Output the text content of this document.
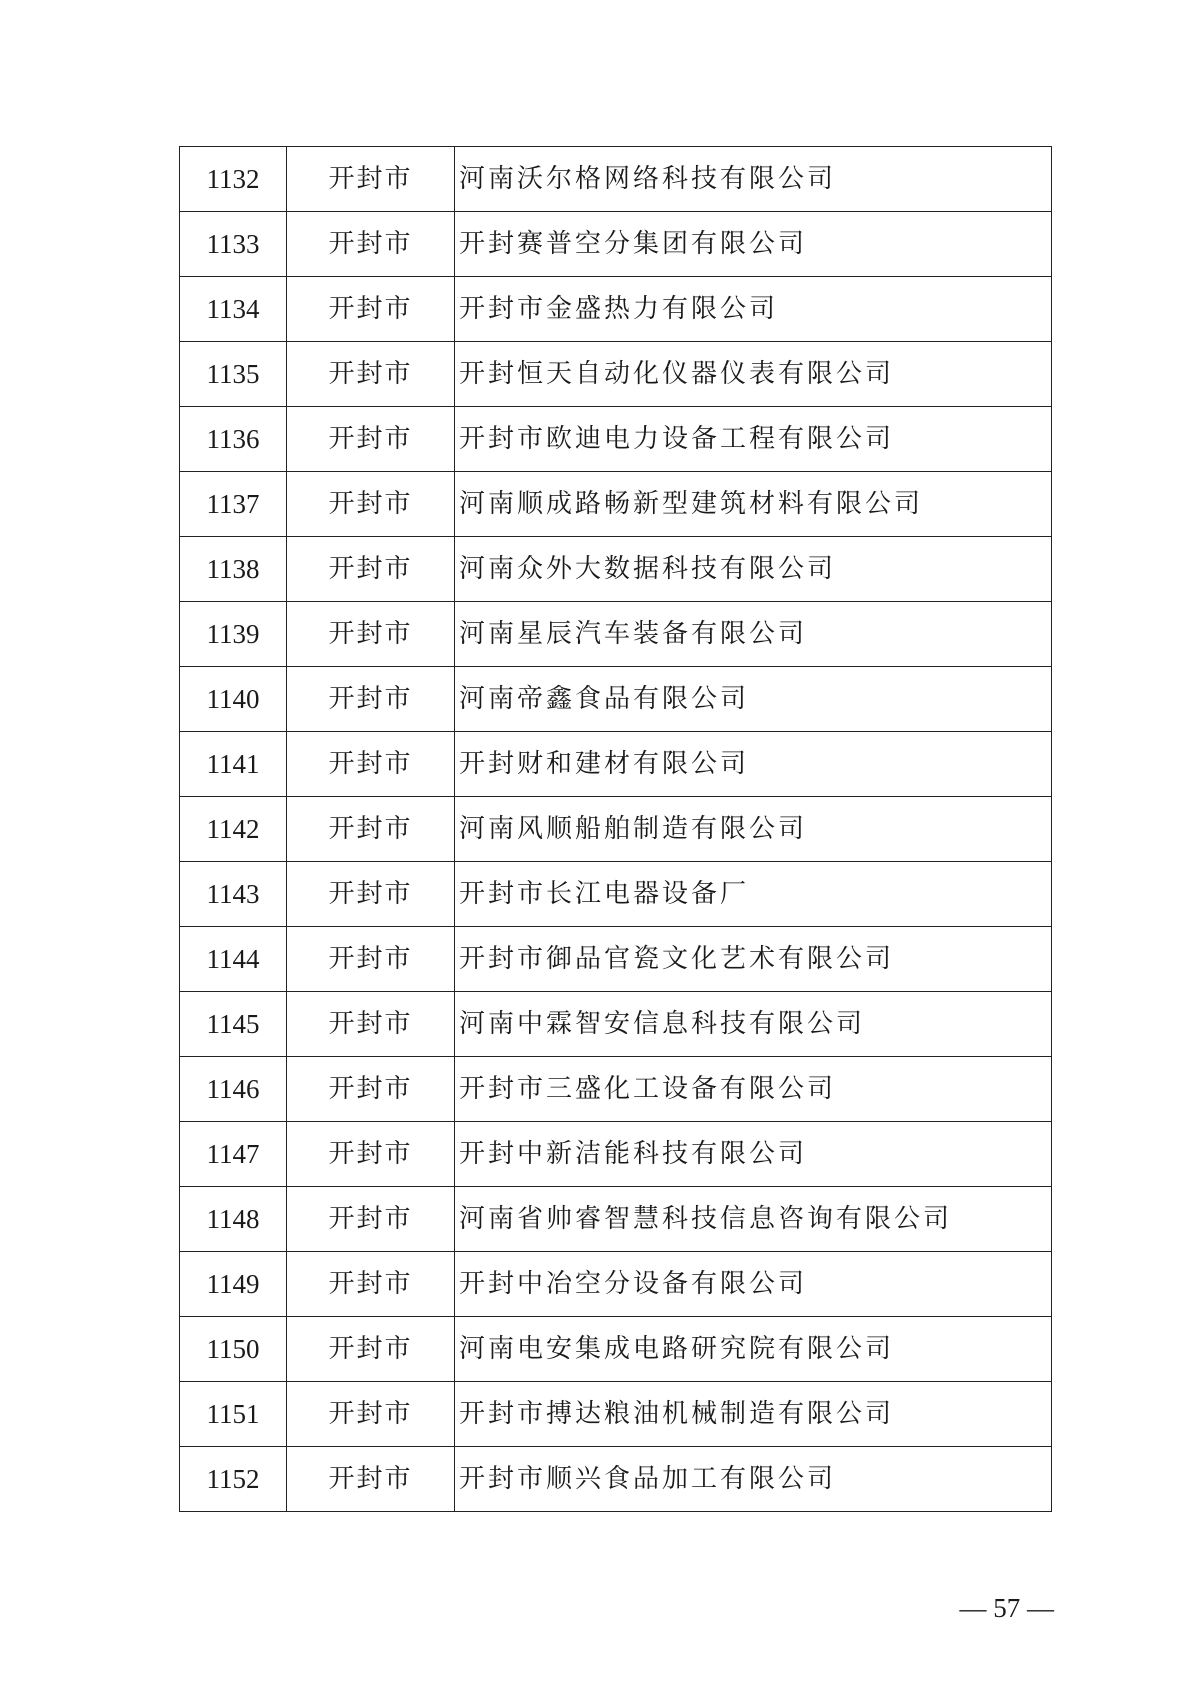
1132	开封市	河南沃尔格网络科技有限公司
1133	开封市	开封赛普空分集团有限公司
1134	开封市	开封市金盛热力有限公司
1135	开封市	开封恒天自动化仪器仪表有限公司
1136	开封市	开封市欧迪电力设备工程有限公司
1137	开封市	河南顺成路畅新型建筑材料有限公司
1138	开封市	河南众外大数据科技有限公司
1139	开封市	河南星辰汽车装备有限公司
1140	开封市	河南帝鑫食品有限公司
1141	开封市	开封财和建材有限公司
1142	开封市	河南风顺船舶制造有限公司
1143	开封市	开封市长江电器设备厂
1144	开封市	开封市御品官瓷文化艺术有限公司
1145	开封市	河南中霖智安信息科技有限公司
1146	开封市	开封市三盛化工设备有限公司
1147	开封市	开封中新洁能科技有限公司
1148	开封市	河南省帅睿智慧科技信息咨询有限公司
1149	开封市	开封中冶空分设备有限公司
1150	开封市	河南电安集成电路研究院有限公司
1151	开封市	开封市搏达粮油机械制造有限公司
1152	开封市	开封市顺兴食品加工有限公司
— 57 —
